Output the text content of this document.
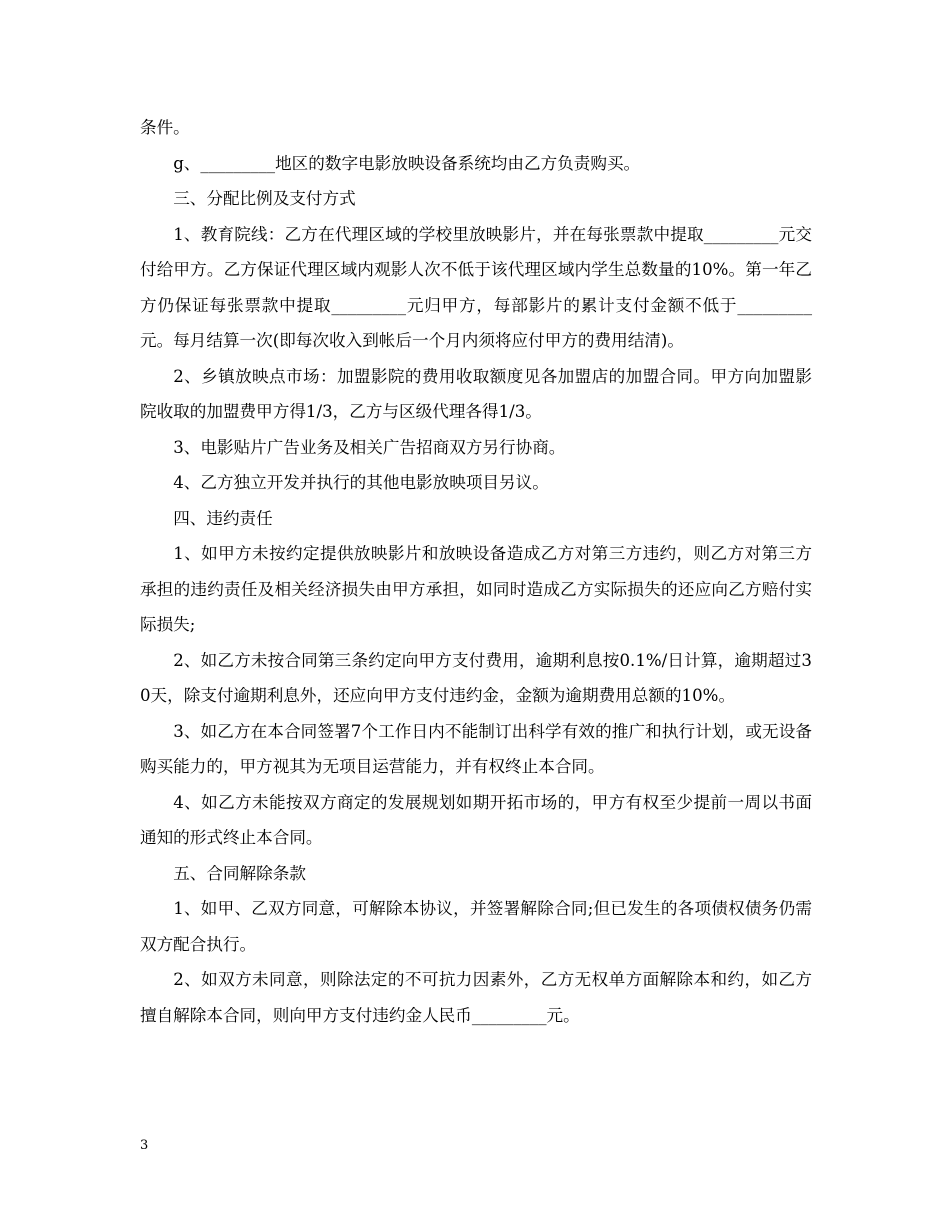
条件。

g、_________地区的数字电影放映设备系统均由乙方负责购买。

三、分配比例及支付方式

1、教育院线：乙方在代理区域的学校里放映影片，并在每张票款中提取_________元交付给甲方。乙方保证代理区域内观影人次不低于该代理区域内学生总数量的10%。第一年乙方仍保证每张票款中提取_________元归甲方，每部影片的累计支付金额不低于_________元。每月结算一次(即每次收入到帐后一个月内须将应付甲方的费用结清)。

2、乡镇放映点市场：加盟影院的费用收取额度见各加盟店的加盟合同。甲方向加盟影院收取的加盟费甲方得1/3，乙方与区级代理各得1/3。

3、电影贴片广告业务及相关广告招商双方另行协商。

4、乙方独立开发并执行的其他电影放映项目另议。

四、违约责任

1、如甲方未按约定提供放映影片和放映设备造成乙方对第三方违约，则乙方对第三方承担的违约责任及相关经济损失由甲方承担，如同时造成乙方实际损失的还应向乙方赔付实际损失;

2、如乙方未按合同第三条约定向甲方支付费用，逾期利息按0.1%/日计算，逾期超过30天，除支付逾期利息外，还应向甲方支付违约金，金额为逾期费用总额的10%。

3、如乙方在本合同签署7个工作日内不能制订出科学有效的推广和执行计划，或无设备购买能力的，甲方视其为无项目运营能力，并有权终止本合同。

4、如乙方未能按双方商定的发展规划如期开拓市场的，甲方有权至少提前一周以书面通知的形式终止本合同。

五、合同解除条款

1、如甲、乙双方同意，可解除本协议，并签署解除合同;但已发生的各项债权债务仍需双方配合执行。

2、如双方未同意，则除法定的不可抗力因素外，乙方无权单方面解除本和约，如乙方擅自解除本合同，则向甲方支付违约金人民币_________元。

3
